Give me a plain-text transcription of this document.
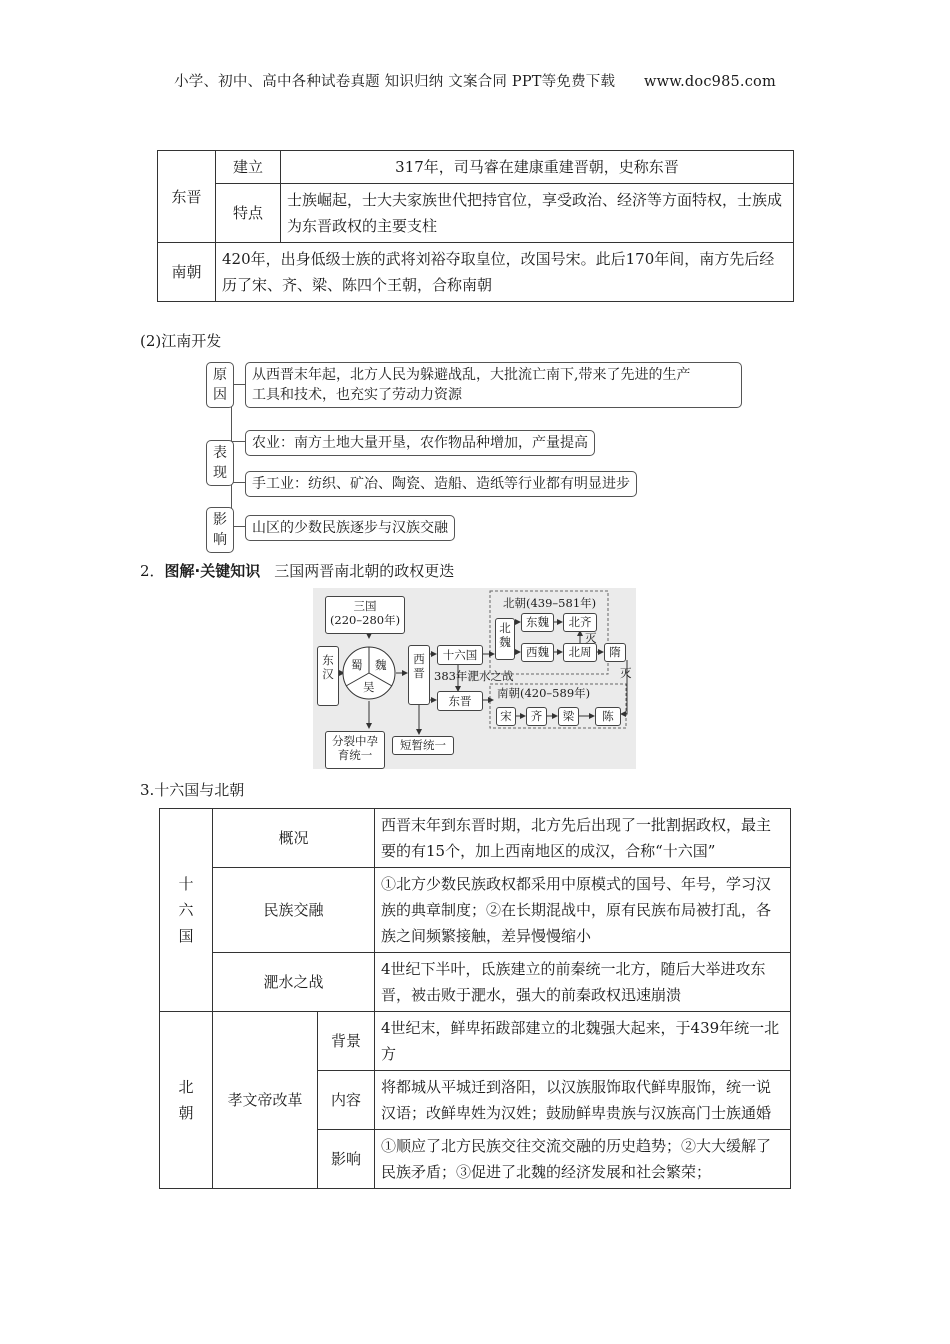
小学、初中、高中各种试卷真题 知识归纳 文案合同 PPT等免费下载 www.doc985.com
东晋	建立	317年，司马睿在建康重建晋朝，史称东晋
	特点	士族崛起，士大夫家族世代把持官位，享受政治、经济等方面特权，士族成为东晋政权的主要支柱
南朝	420年，出身低级士族的武将刘裕夺取皇位，改国号宋。此后170年间，南方先后经历了宋、齐、梁、陈四个王朝，合称南朝	
(2)江南开发
原因
从西晋末年起，北方人民为躲避战乱，大批流亡南下,带来了先进的生产
工具和技术，也充实了劳动力资源
表现
农业：南方土地大量开垦，农作物品种增加，产量提高
手工业：纺织、矿冶、陶瓷、造船、造纸等行业都有明显进步
影响
山区的少数民族逐步与汉族交融
2．图解·关键知识 三国两晋南北朝的政权更迭
三国
(220–280年)
东
汉
蜀 魏
吴
西
晋
十六国
383年淝水之战
东晋
北朝(439–581年)
北
魏
东魏	北齐
西魏	北周
灭
隋
灭
南朝(420–589年)
宋	齐	梁	陈
分裂中孕
育统一
短暂统一
3.十六国与北朝
十六国	概况		西晋末年到东晋时期，北方先后出现了一批割据政权，最主要的有15个，加上西南地区的成汉，合称“十六国”
	民族交融		①北方少数民族政权都采用中原模式的国号、年号，学习汉族的典章制度；②在长期混战中，原有民族布局被打乱，各族之间频繁接触，差异慢慢缩小
	淝水之战		4世纪下半叶，氐族建立的前秦统一北方，随后大举进攻东晋，被击败于淝水，强大的前秦政权迅速崩溃
北朝	孝文帝改革	背景	4世纪末，鲜卑拓跋部建立的北魏强大起来，于439年统一北方
		内容	将都城从平城迁到洛阳，以汉族服饰取代鲜卑服饰，统一说汉语；改鲜卑姓为汉姓；鼓励鲜卑贵族与汉族高门士族通婚
		影响	①顺应了北方民族交往交流交融的历史趋势；②大大缓解了民族矛盾；③促进了北魏的经济发展和社会繁荣；
